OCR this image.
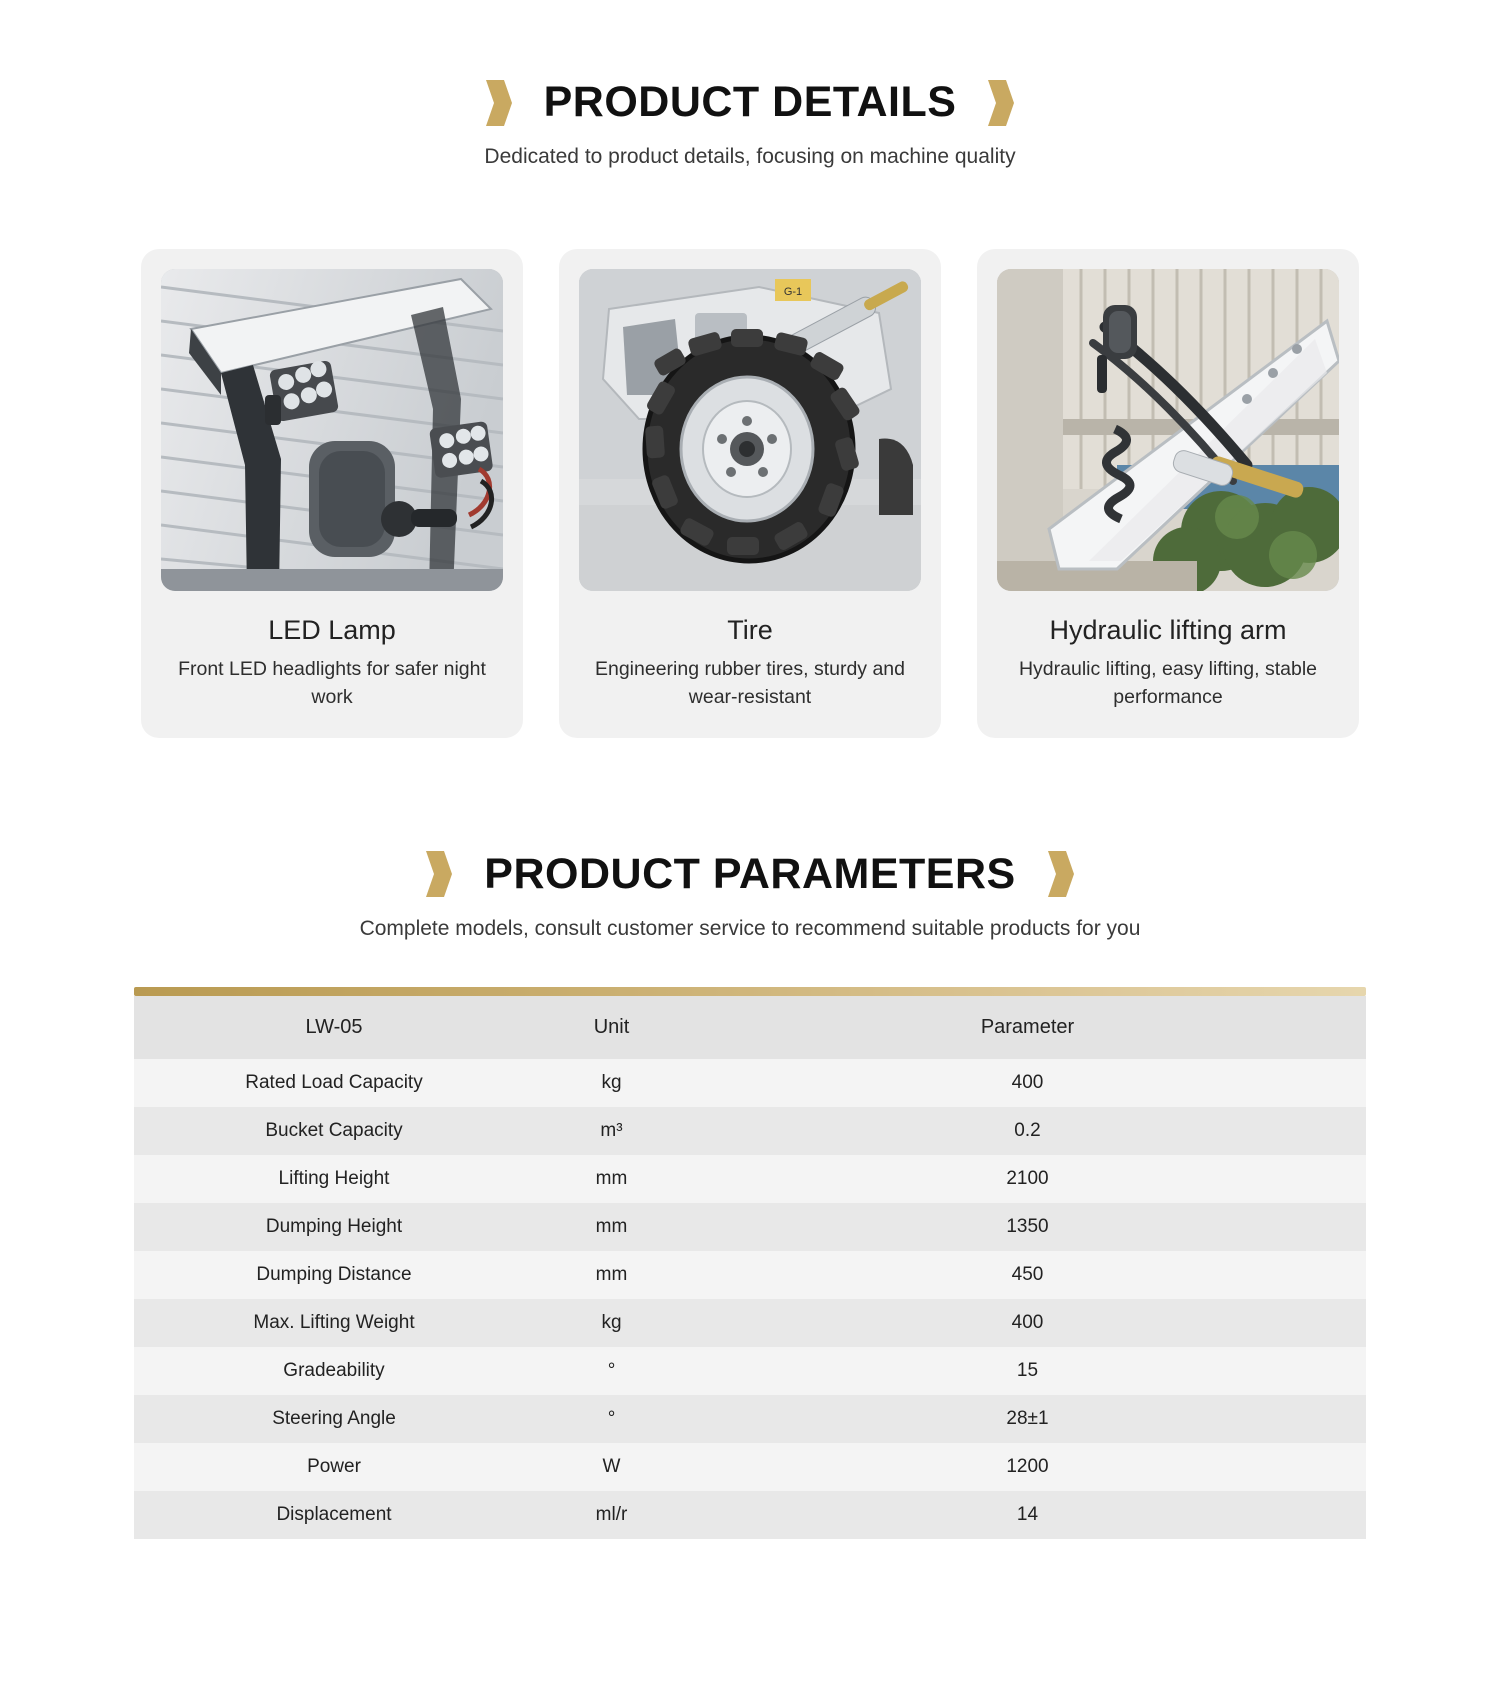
PRODUCT DETAILS
Dedicated to product details, focusing on machine quality
LED Lamp
Front LED headlights for safer night work
G-1
Tire
Engineering rubber tires, sturdy and wear-resistant
Hydraulic lifting arm
Hydraulic lifting, easy lifting, stable performance
PRODUCT PARAMETERS
Complete models, consult customer service to recommend suitable products for you
LW-05	Unit	Parameter
Rated Load Capacity	kg	400
Bucket Capacity	m³	0.2
Lifting Height	mm	2100
Dumping Height	mm	1350
Dumping Distance	mm	450
Max. Lifting Weight	kg	400
Gradeability	°	15
Steering Angle	°	28±1
Power	W	1200
Displacement	ml/r	14
